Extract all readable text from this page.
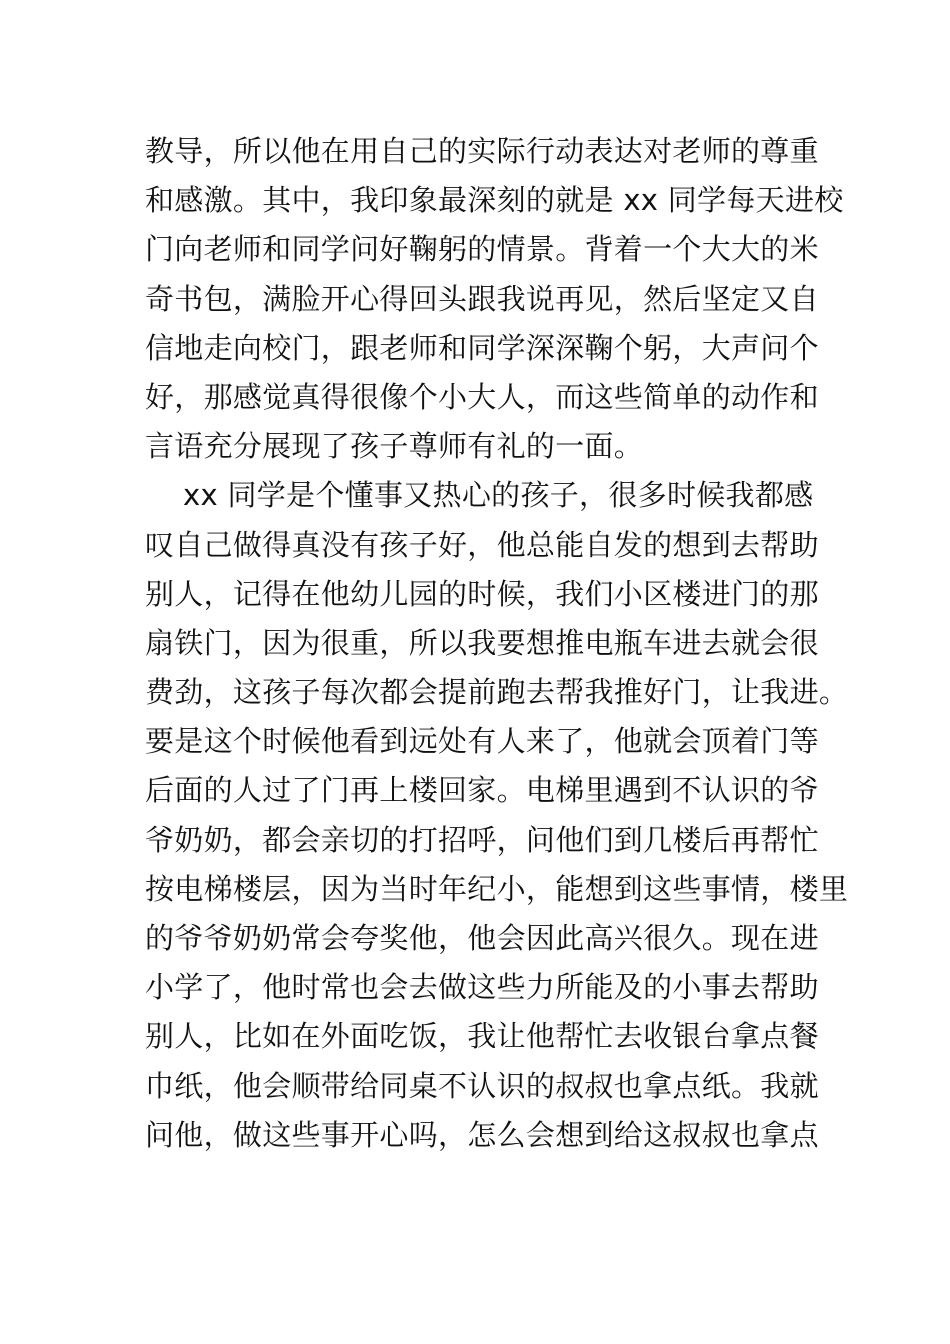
教导，所以他在用自己的实际行动表达对老师的尊重
和感激。其中，我印象最深刻的就是 xx 同学每天进校
门向老师和同学问好鞠躬的情景。背着一个大大的米
奇书包，满脸开心得回头跟我说再见，然后坚定又自
信地走向校门，跟老师和同学深深鞠个躬，大声问个
好，那感觉真得很像个小大人，而这些简单的动作和
言语充分展现了孩子尊师有礼的一面。
xx 同学是个懂事又热心的孩子，很多时候我都感
叹自己做得真没有孩子好，他总能自发的想到去帮助
别人，记得在他幼儿园的时候，我们小区楼进门的那
扇铁门，因为很重，所以我要想推电瓶车进去就会很
费劲，这孩子每次都会提前跑去帮我推好门，让我进。
要是这个时候他看到远处有人来了，他就会顶着门等
后面的人过了门再上楼回家。电梯里遇到不认识的爷
爷奶奶，都会亲切的打招呼，问他们到几楼后再帮忙
按电梯楼层，因为当时年纪小，能想到这些事情，楼里
的爷爷奶奶常会夸奖他，他会因此高兴很久。现在进
小学了，他时常也会去做这些力所能及的小事去帮助
别人，比如在外面吃饭，我让他帮忙去收银台拿点餐
巾纸，他会顺带给同桌不认识的叔叔也拿点纸。我就
问他，做这些事开心吗，怎么会想到给这叔叔也拿点
